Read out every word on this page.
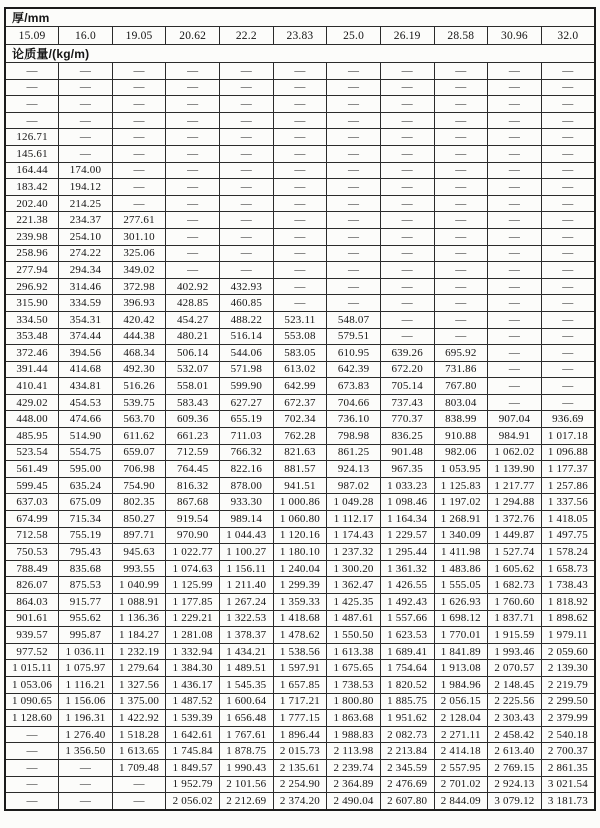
厚/mm										
15.09	16.0	19.05	20.62	22.2	23.83	25.0	26.19	28.58	30.96	32.0
论质量/(kg/m)										
—	—	—	—	—	—	—	—	—	—	—
—	—	—	—	—	—	—	—	—	—	—
—	—	—	—	—	—	—	—	—	—	—
—	—	—	—	—	—	—	—	—	—	—
126.71	—	—	—	—	—	—	—	—	—	—
145.61	—	—	—	—	—	—	—	—	—	—
164.44	174.00	—	—	—	—	—	—	—	—	—
183.42	194.12	—	—	—	—	—	—	—	—	—
202.40	214.25	—	—	—	—	—	—	—	—	—
221.38	234.37	277.61	—	—	—	—	—	—	—	—
239.98	254.10	301.10	—	—	—	—	—	—	—	—
258.96	274.22	325.06	—	—	—	—	—	—	—	—
277.94	294.34	349.02	—	—	—	—	—	—	—	—
296.92	314.46	372.98	402.92	432.93	—	—	—	—	—	—
315.90	334.59	396.93	428.85	460.85	—	—	—	—	—	—
334.50	354.31	420.42	454.27	488.22	523.11	548.07	—	—	—	—
353.48	374.44	444.38	480.21	516.14	553.08	579.51	—	—	—	—
372.46	394.56	468.34	506.14	544.06	583.05	610.95	639.26	695.92	—	—
391.44	414.68	492.30	532.07	571.98	613.02	642.39	672.20	731.86	—	—
410.41	434.81	516.26	558.01	599.90	642.99	673.83	705.14	767.80	—	—
429.02	454.53	539.75	583.43	627.27	672.37	704.66	737.43	803.04	—	—
448.00	474.66	563.70	609.36	655.19	702.34	736.10	770.37	838.99	907.04	936.69
485.95	514.90	611.62	661.23	711.03	762.28	798.98	836.25	910.88	984.91	1 017.18
523.54	554.75	659.07	712.59	766.32	821.63	861.25	901.48	982.06	1 062.02	1 096.88
561.49	595.00	706.98	764.45	822.16	881.57	924.13	967.35	1 053.95	1 139.90	1 177.37
599.45	635.24	754.90	816.32	878.00	941.51	987.02	1 033.23	1 125.83	1 217.77	1 257.86
637.03	675.09	802.35	867.68	933.30	1 000.86	1 049.28	1 098.46	1 197.02	1 294.88	1 337.56
674.99	715.34	850.27	919.54	989.14	1 060.80	1 112.17	1 164.34	1 268.91	1 372.76	1 418.05
712.58	755.19	897.71	970.90	1 044.43	1 120.16	1 174.43	1 229.57	1 340.09	1 449.87	1 497.75
750.53	795.43	945.63	1 022.77	1 100.27	1 180.10	1 237.32	1 295.44	1 411.98	1 527.74	1 578.24
788.49	835.68	993.55	1 074.63	1 156.11	1 240.04	1 300.20	1 361.32	1 483.86	1 605.62	1 658.73
826.07	875.53	1 040.99	1 125.99	1 211.40	1 299.39	1 362.47	1 426.55	1 555.05	1 682.73	1 738.43
864.03	915.77	1 088.91	1 177.85	1 267.24	1 359.33	1 425.35	1 492.43	1 626.93	1 760.60	1 818.92
901.61	955.62	1 136.36	1 229.21	1 322.53	1 418.68	1 487.61	1 557.66	1 698.12	1 837.71	1 898.62
939.57	995.87	1 184.27	1 281.08	1 378.37	1 478.62	1 550.50	1 623.53	1 770.01	1 915.59	1 979.11
977.52	1 036.11	1 232.19	1 332.94	1 434.21	1 538.56	1 613.38	1 689.41	1 841.89	1 993.46	2 059.60
1 015.11	1 075.97	1 279.64	1 384.30	1 489.51	1 597.91	1 675.65	1 754.64	1 913.08	2 070.57	2 139.30
1 053.06	1 116.21	1 327.56	1 436.17	1 545.35	1 657.85	1 738.53	1 820.52	1 984.96	2 148.45	2 219.79
1 090.65	1 156.06	1 375.00	1 487.52	1 600.64	1 717.21	1 800.80	1 885.75	2 056.15	2 225.56	2 299.50
1 128.60	1 196.31	1 422.92	1 539.39	1 656.48	1 777.15	1 863.68	1 951.62	2 128.04	2 303.43	2 379.99
—	1 276.40	1 518.28	1 642.61	1 767.61	1 896.44	1 988.83	2 082.73	2 271.11	2 458.42	2 540.18
—	1 356.50	1 613.65	1 745.84	1 878.75	2 015.73	2 113.98	2 213.84	2 414.18	2 613.40	2 700.37
—	—	1 709.48	1 849.57	1 990.43	2 135.61	2 239.74	2 345.59	2 557.95	2 769.15	2 861.35
—	—	—	1 952.79	2 101.56	2 254.90	2 364.89	2 476.69	2 701.02	2 924.13	3 021.54
—	—	—	2 056.02	2 212.69	2 374.20	2 490.04	2 607.80	2 844.09	3 079.12	3 181.73
